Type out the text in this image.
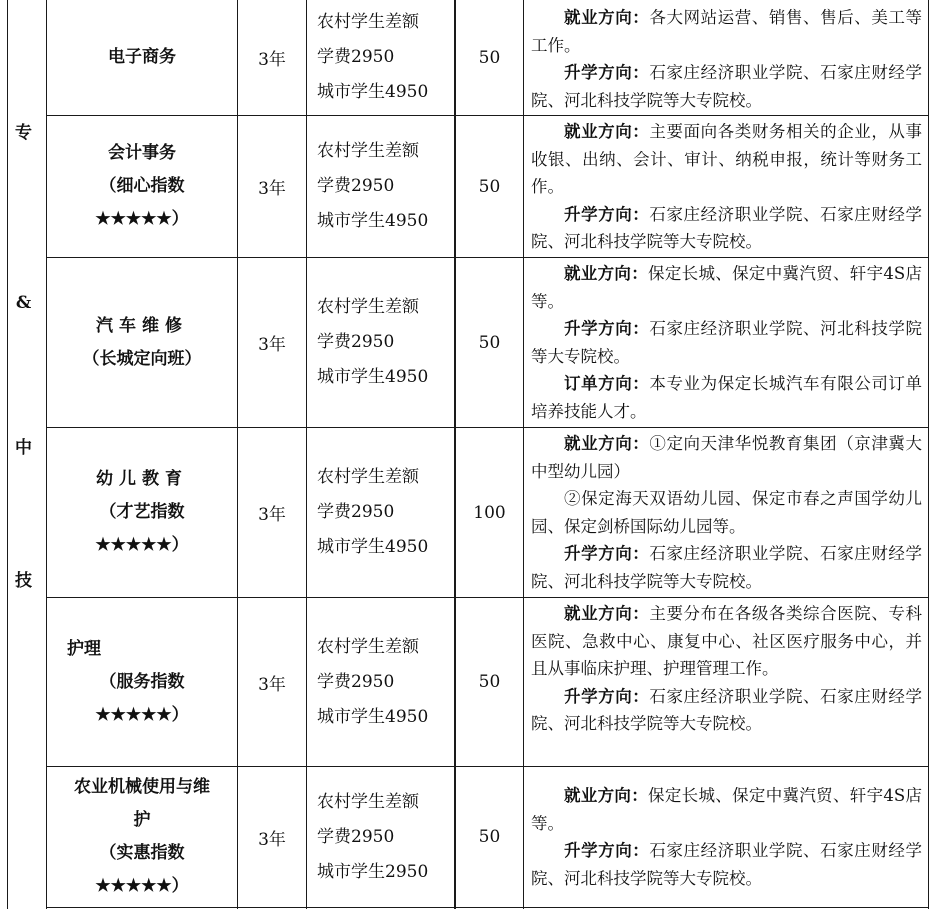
专
&
中
技
电子商务	3年
农村学生差额
学费2950
城市学生4950
50

就业方向：各大网站运营、销售、售后、美工等工作。

升学方向：石家庄经济职业学院、石家庄财经学院、河北科技学院等大专院校。

会计事务
（细心指数
★★★★★）
3年
农村学生差额
学费2950
城市学生4950
50

就业方向：主要面向各类财务相关的企业，从事收银、出纳、会计、审计、纳税申报，统计等财务工作。

升学方向：石家庄经济职业学院、石家庄财经学院、河北科技学院等大专院校。

汽车维修
（长城定向班）
3年
农村学生差额
学费2950
城市学生4950
50

就业方向：保定长城、保定中冀汽贸、轩宇4S店等。

升学方向：石家庄经济职业学院、河北科技学院等大专院校。

订单方向：本专业为保定长城汽车有限公司订单培养技能人才。

幼儿教育
（才艺指数
★★★★★）
3年
农村学生差额
学费2950
城市学生4950
100

就业方向：①定向天津华悦教育集团（京津冀大中型幼儿园）

②保定海天双语幼儿园、保定市春之声国学幼儿园、保定剑桥国际幼儿园等。

升学方向：石家庄经济职业学院、石家庄财经学院、河北科技学院等大专院校。

护理
（服务指数
★★★★★）
3年
农村学生差额
学费2950
城市学生4950
50

就业方向：主要分布在各级各类综合医院、专科医院、急救中心、康复中心、社区医疗服务中心，并且从事临床护理、护理管理工作。

升学方向：石家庄经济职业学院、石家庄财经学院、河北科技学院等大专院校。

农业机械使用与维
护
（实惠指数
★★★★★）
3年
农村学生差额
学费2950
城市学生2950
50

就业方向：保定长城、保定中冀汽贸、轩宇4S店等。

升学方向：石家庄经济职业学院、石家庄财经学院、河北科技学院等大专院校。
